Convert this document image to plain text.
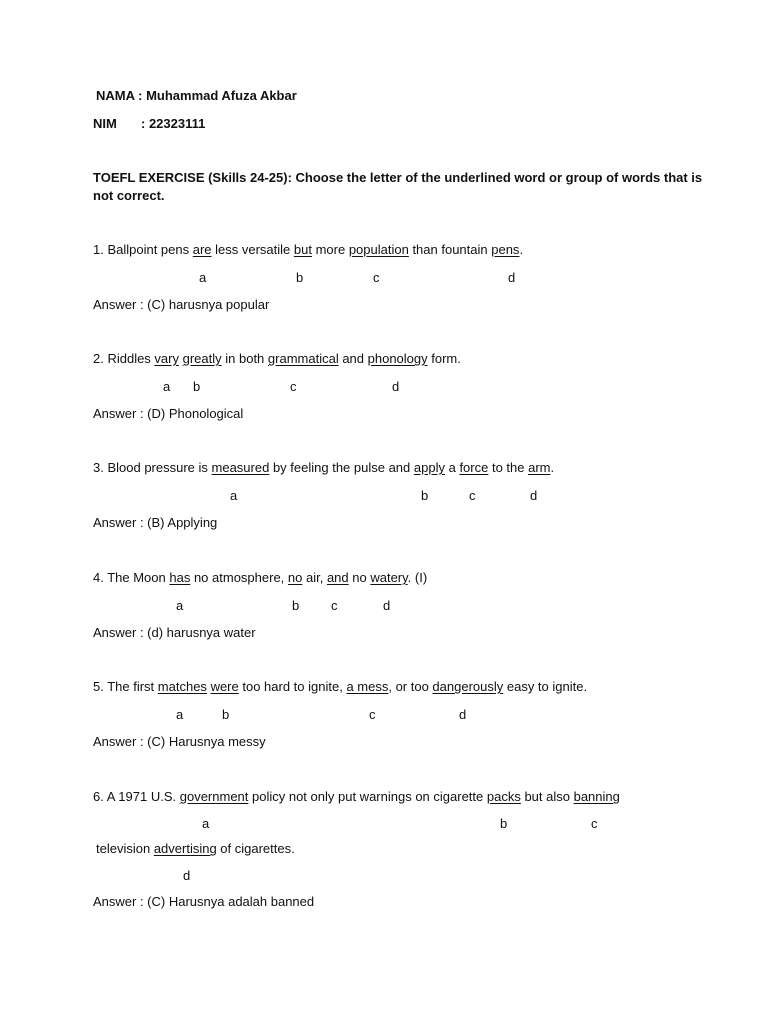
NAMA : Muhammad Afuza Akbar
NIM : 22323111
TOEFL EXERCISE (Skills 24-25): Choose the letter of the underlined word or group of words that is
not correct.
1. Ballpoint pens are less versatile but more population than fountain pens.
a	b	c	d
Answer : (C) harusnya popular
2. Riddles vary greatly in both grammatical and phonology form.
a b	c	d
Answer : (D) Phonological
3. Blood pressure is measured by feeling the pulse and apply a force to the arm.
a	b	c	d
Answer : (B) Applying
4. The Moon has no atmosphere, no air, and no watery. (I)
a	b c	d
Answer : (d) harusnya water
5. The first matches were too hard to ignite, a mess, or too dangerously easy to ignite.
a	b	c	d
Answer : (C) Harusnya messy
6. A 1971 U.S. government policy not only put warnings on cigarette packs but also banning
a	b	c
television advertising of cigarettes.
d
Answer : (C) Harusnya adalah banned
